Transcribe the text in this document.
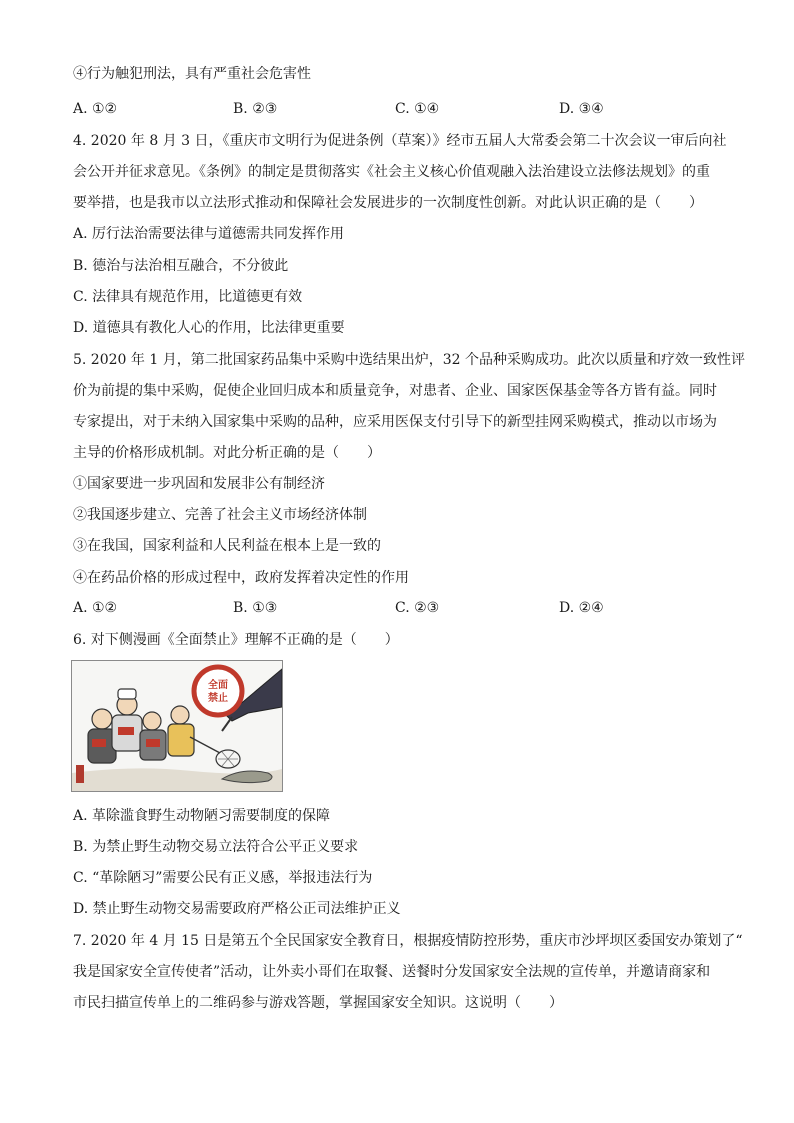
④行为触犯刑法，具有严重社会危害性
A. ①②	B. ②③	C. ①④	D. ③④
4. 2020 年 8 月 3 日，《重庆市文明行为促进条例（草案）》经市五届人大常委会第二十次会议一审后向社
会公开并征求意见。《条例》的制定是贯彻落实《社会主义核心价值观融入法治建设立法修法规划》的重
要举措，也是我市以立法形式推动和保障社会发展进步的一次制度性创新。对此认识正确的是（　　）
A. 厉行法治需要法律与道德需共同发挥作用
B. 德治与法治相互融合，不分彼此
C. 法律具有规范作用，比道德更有效
D. 道德具有教化人心的作用，比法律更重要
5. 2020 年 1 月，第二批国家药品集中采购中选结果出炉，32 个品种采购成功。此次以质量和疗效一致性评
价为前提的集中采购，促使企业回归成本和质量竞争，对患者、企业、国家医保基金等各方皆有益。同时
专家提出，对于未纳入国家集中采购的品种，应采用医保支付引导下的新型挂网采购模式，推动以市场为
主导的价格形成机制。对此分析正确的是（　　）
①国家要进一步巩固和发展非公有制经济
②我国逐步建立、完善了社会主义市场经济体制
③在我国，国家利益和人民利益在根本上是一致的
④在药品价格的形成过程中，政府发挥着决定性的作用
A. ①②	B. ①③	C. ②③	D. ②④
6. 对下侧漫画《全面禁止》理解不正确的是（　　）
全面
禁止
A. 革除滥食野生动物陋习需要制度的保障
B. 为禁止野生动物交易立法符合公平正义要求
C. “革除陋习”需要公民有正义感，举报违法行为
D. 禁止野生动物交易需要政府严格公正司法维护正义
7. 2020 年 4 月 15 日是第五个全民国家安全教育日，根据疫情防控形势，重庆市沙坪坝区委国安办策划了“
我是国家安全宣传使者”活动，让外卖小哥们在取餐、送餐时分发国家安全法规的宣传单，并邀请商家和
市民扫描宣传单上的二维码参与游戏答题，掌握国家安全知识。这说明（　　）
